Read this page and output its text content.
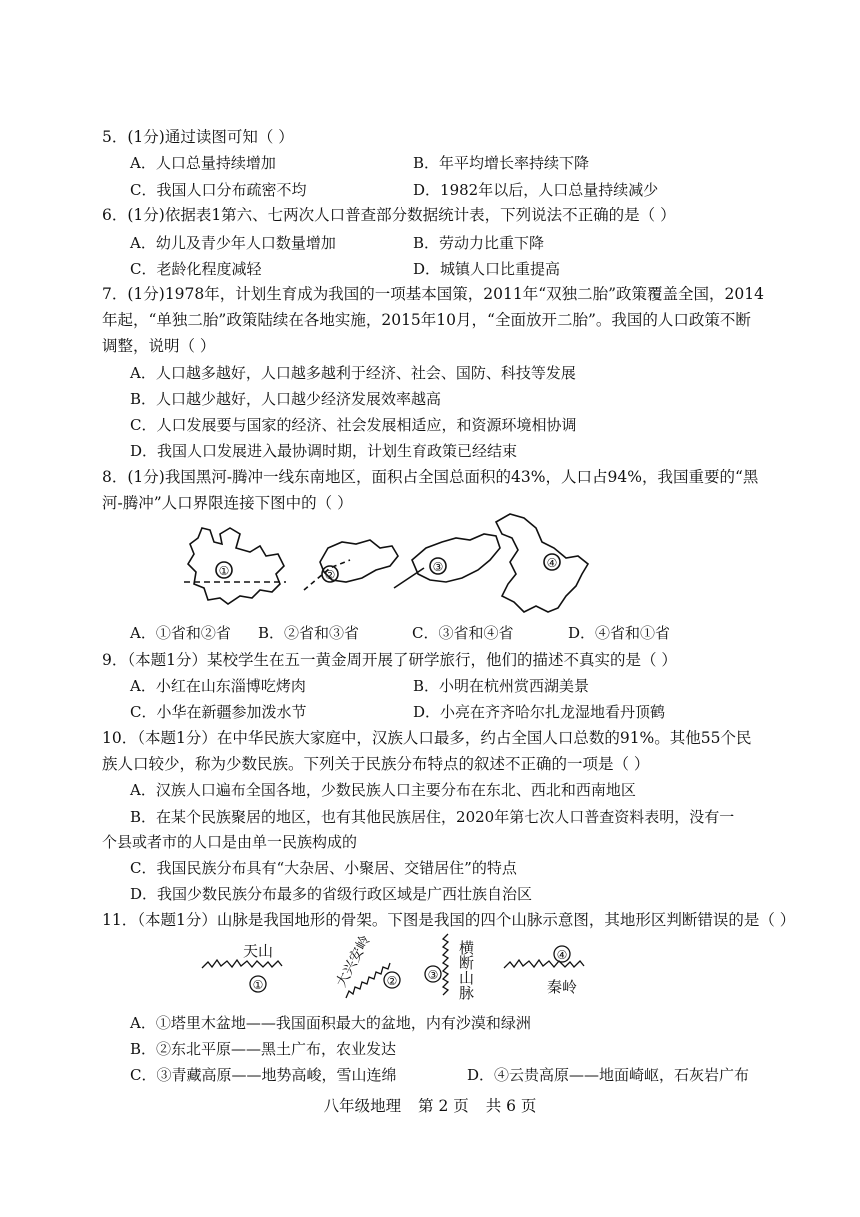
5．(1分)通过读图可知（ ）
A．人口总量持续增加	B．年平均增长率持续下降
C．我国人口分布疏密不均	D．1982年以后，人口总量持续减少
6．(1分)依据表1第六、七两次人口普查部分数据统计表，下列说法不正确的是（ ）
A．幼儿及青少年人口数量增加	B．劳动力比重下降
C．老龄化程度减轻	D．城镇人口比重提高
7．(1分)1978年，计划生育成为我国的一项基本国策，2011年“双独二胎”政策覆盖全国，2014
年起，“单独二胎”政策陆续在各地实施，2015年10月，“全面放开二胎”。我国的人口政策不断
调整，说明（ ）
A．人口越多越好，人口越多越利于经济、社会、国防、科技等发展
B．人口越少越好，人口越少经济发展效率越高
C．人口发展要与国家的经济、社会发展相适应，和资源环境相协调
D．我国人口发展进入最协调时期，计划生育政策已经结束
8．(1分)我国黑河-腾冲一线东南地区，面积占全国总面积的43%，人口占94%，我国重要的“黑
河-腾冲”人口界限连接下图中的（ ）
①	②
③	④
A．①省和②省 B．②省和③省	C．③省和④省	D．④省和①省
9．（本题1分）某校学生在五一黄金周开展了研学旅行，他们的描述不真实的是（ ）
A．小红在山东淄博吃烤肉	B．小明在杭州赏西湖美景
C．小华在新疆参加泼水节	D．小亮在齐齐哈尔扎龙湿地看丹顶鹤
10．（本题1分）在中华民族大家庭中，汉族人口最多，约占全国人口总数的91%。其他55个民
族人口较少，称为少数民族。下列关于民族分布特点的叙述不正确的一项是（ ）
A．汉族人口遍布全国各地，少数民族人口主要分布在东北、西北和西南地区
B．在某个民族聚居的地区，也有其他民族居住，2020年第七次人口普查资料表明，没有一
个县或者市的人口是由单一民族构成的
C．我国民族分布具有“大杂居、小聚居、交错居住”的特点
D．我国少数民族分布最多的省级行政区域是广西壮族自治区
11．（本题1分）山脉是我国地形的骨架。下图是我国的四个山脉示意图，其地形区判断错误的是（ ）
天山
①	大兴安岭 ②	③ 横断山脉	④
秦岭
A．①塔里木盆地——我国面积最大的盆地，内有沙漠和绿洲
B．②东北平原——黑土广布，农业发达
C．③青藏高原——地势高峻，雪山连绵	D．④云贵高原——地面崎岖，石灰岩广布
八年级地理 第 2 页 共 6 页
